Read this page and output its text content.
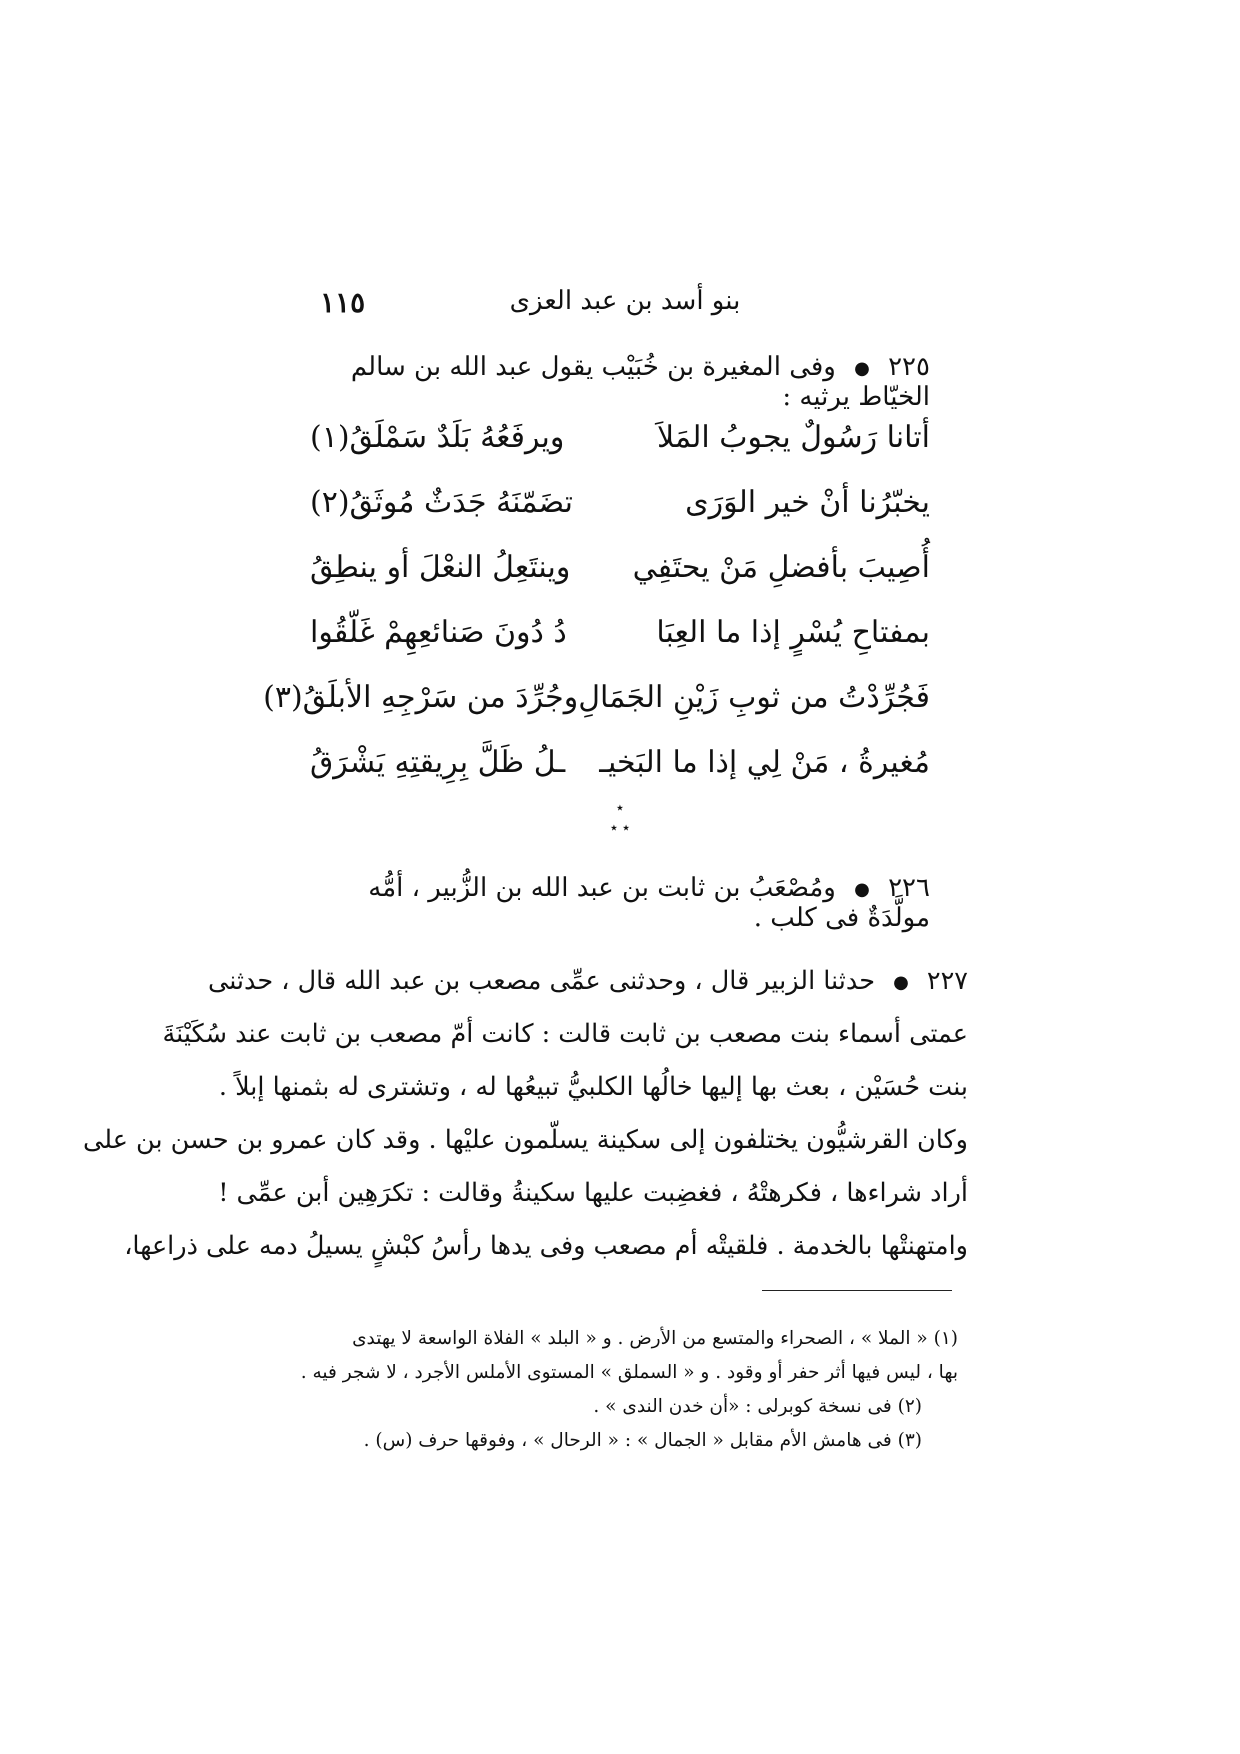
١١٥	بنو أسد بن عبد العزى
٢٢٥ ● وفى المغيرة بن خُبَيْب يقول عبد الله بن سالم الخيّاط يرثيه :
أتانا رَسُولٌ يجوبُ المَلاَ
ويرفَعُهُ بَلَدٌ سَمْلَقُ(١)
يخبّرُنا أنْ خير الوَرَى
تضَمّنَهُ جَدَثٌ مُوثَقُ(٢)
أُصِيبَ بأفضلِ مَنْ يحتَفِي
وينتَعِلُ النعْلَ أو ينطِقُ
بمفتاحِ يُسْرٍ إذا ما العِبَا
دُ دُونَ صَنائعِهِمْ غَلّقُوا
فَجُرِّدْتُ من ثوبِ زَيْنِ الجَمَالِ
وجُرِّدَ من سَرْجِهِ الأبلَقُ(٣)
مُغيرةُ ، مَنْ لِي إذا ما البَخيـ
ـلُ ظَلَّ بِرِيقتِهِ يَشْرَقُ
٭
٭ ٭
٢٢٦ ● ومُصْعَبُ بن ثابت بن عبد الله بن الزُّبير ، أمُّه مولَّدَةٌ فى كلب .
٢٢٧ ● حدثنا الزبير قال ، وحدثنى عمِّى مصعب بن عبد الله قال ، حدثنى
عمتى أسماء بنت مصعب بن ثابت قالت : كانت أمّ مصعب بن ثابت عند سُكَيْنَةَ
بنت حُسَيْن ، بعث بها إليها خالُها الكلبيُّ تبيعُها له ، وتشترى له بثمنها إبلاً .
وكان القرشيُّون يختلفون إلى سكينة يسلّمون عليْها . وقد كان عمرو بن حسن بن على
أراد شراءها ، فكرهتْهُ ، فغضِبت عليها سكينةُ وقالت : تكرَهِين أبن عمِّى !
وامتهنتْها بالخدمة . فلقيتْه أم مصعب وفى يدها رأسُ كبْشٍ يسيلُ دمه على ذراعها،
(١) « الملا » ، الصحراء والمتسع من الأرض . و « البلد » الفلاة الواسعة لا يهتدى
بها ، ليس فيها أثر حفر أو وقود . و « السملق » المستوى الأملس الأجرد ، لا شجر فيه .
(٢) فى نسخة كوبرلى : «أن خدن الندى » .
(٣) فى هامش الأم مقابل « الجمال » : « الرحال » ، وفوقها حرف (س) .
